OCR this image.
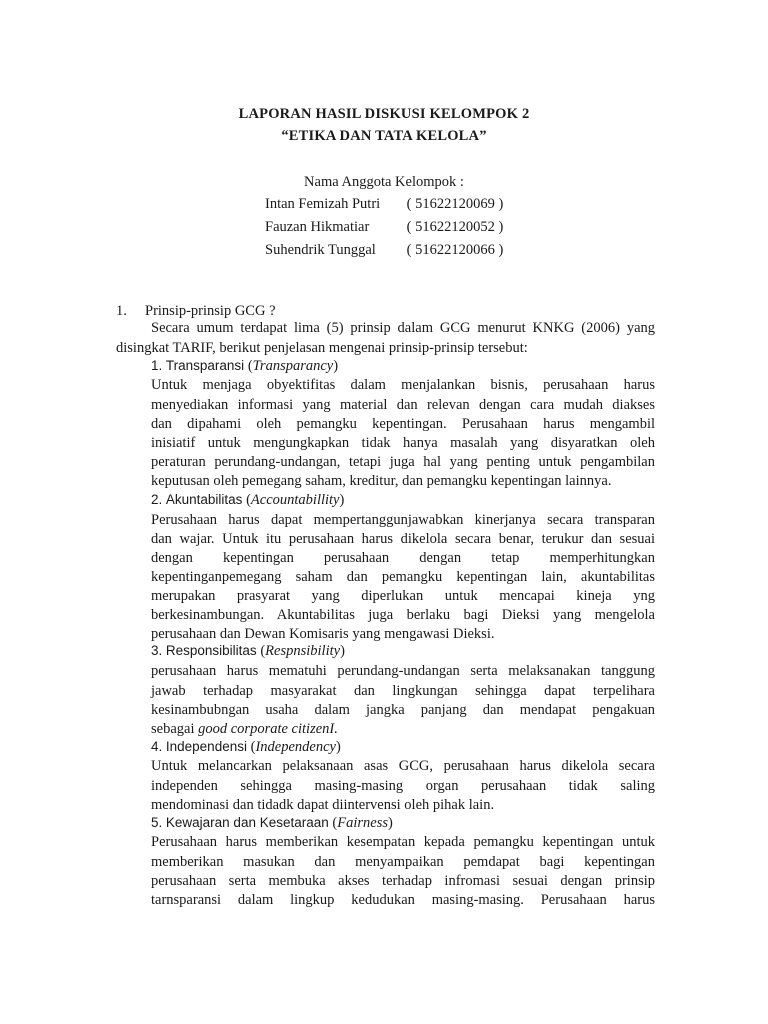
LAPORAN HASIL DISKUSI KELOMPOK 2
“ETIKA DAN TATA KELOLA”
Nama Anggota Kelompok :
Intan Femizah Putri ( 51622120069 )
Fauzan Hikmatiar	( 51622120052 )
Suhendrik Tunggal ( 51622120066 )
1. Prinsip-prinsip GCG ?
Secara umum terdapat lima (5) prinsip dalam GCG menurut KNKG (2006) yang
disingkat TARIF, berikut penjelasan mengenai prinsip-prinsip tersebut:
1. Transparansi (Transparancy)
Untuk menjaga obyektifitas dalam menjalankan bisnis, perusahaan harus
menyediakan informasi yang material dan relevan dengan cara mudah diakses
dan dipahami oleh pemangku kepentingan. Perusahaan harus mengambil
inisiatif untuk mengungkapkan tidak hanya masalah yang disyaratkan oleh
peraturan perundang-undangan, tetapi juga hal yang penting untuk pengambilan
keputusan oleh pemegang saham, kreditur, dan pemangku kepentingan lainnya.
2. Akuntabilitas (Accountabillity)
Perusahaan harus dapat mempertanggunjawabkan kinerjanya secara transparan
dan wajar. Untuk itu perusahaan harus dikelola secara benar, terukur dan sesuai
dengan kepentingan perusahaan dengan tetap memperhitungkan
kepentinganpemegang saham dan pemangku kepentingan lain, akuntabilitas
merupakan prasyarat yang diperlukan untuk mencapai kineja yng
berkesinambungan. Akuntabilitas juga berlaku bagi Dieksi yang mengelola
perusahaan dan Dewan Komisaris yang mengawasi Dieksi.
3. Responsibilitas (Respnsibility)
perusahaan harus mematuhi perundang-undangan serta melaksanakan tanggung
jawab terhadap masyarakat dan lingkungan sehingga dapat terpelihara
kesinambubngan usaha dalam jangka panjang dan mendapat pengakuan
sebagai good corporate citizenI.
4. Independensi (Independency)
Untuk melancarkan pelaksanaan asas GCG, perusahaan harus dikelola secara
independen sehingga masing-masing organ perusahaan tidak saling
mendominasi dan tidadk dapat diintervensi oleh pihak lain.
5. Kewajaran dan Kesetaraan (Fairness)
Perusahaan harus memberikan kesempatan kepada pemangku kepentingan untuk
memberikan masukan dan menyampaikan pemdapat bagi kepentingan
perusahaan serta membuka akses terhadap infromasi sesuai dengan prinsip
tarnsparansi dalam lingkup kedudukan masing-masing. Perusahaan harus
